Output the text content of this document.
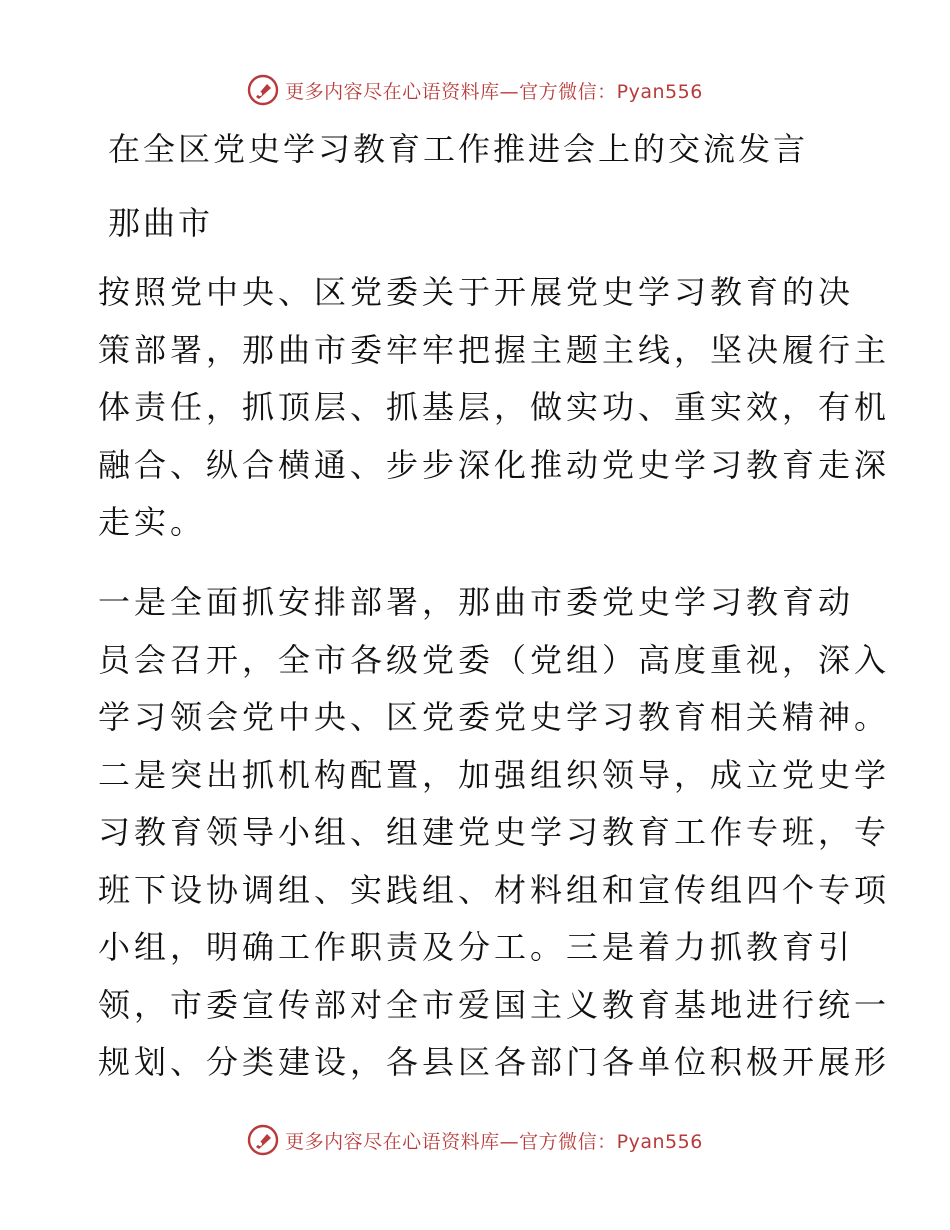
更多内容尽在心语资料库—官方微信：Pyan556
在全区党史学习教育工作推进会上的交流发言

那曲市

按照党中央、区党委关于开展党史学习教育的决
策部署，那曲市委牢牢把握主题主线，坚决履行主
体责任，抓顶层、抓基层，做实功、重实效，有机
融合、纵合横通、步步深化推动党史学习教育走深
走实。
一是全面抓安排部署，那曲市委党史学习教育动
员会召开，全市各级党委（党组）高度重视，深入
学习领会党中央、区党委党史学习教育相关精神。
二是突出抓机构配置，加强组织领导，成立党史学
习教育领导小组、组建党史学习教育工作专班，专
班下设协调组、实践组、材料组和宣传组四个专项
小组，明确工作职责及分工。三是着力抓教育引
领，市委宣传部对全市爱国主义教育基地进行统一
规划、分类建设，各县区各部门各单位积极开展形
更多内容尽在心语资料库—官方微信：Pyan556
